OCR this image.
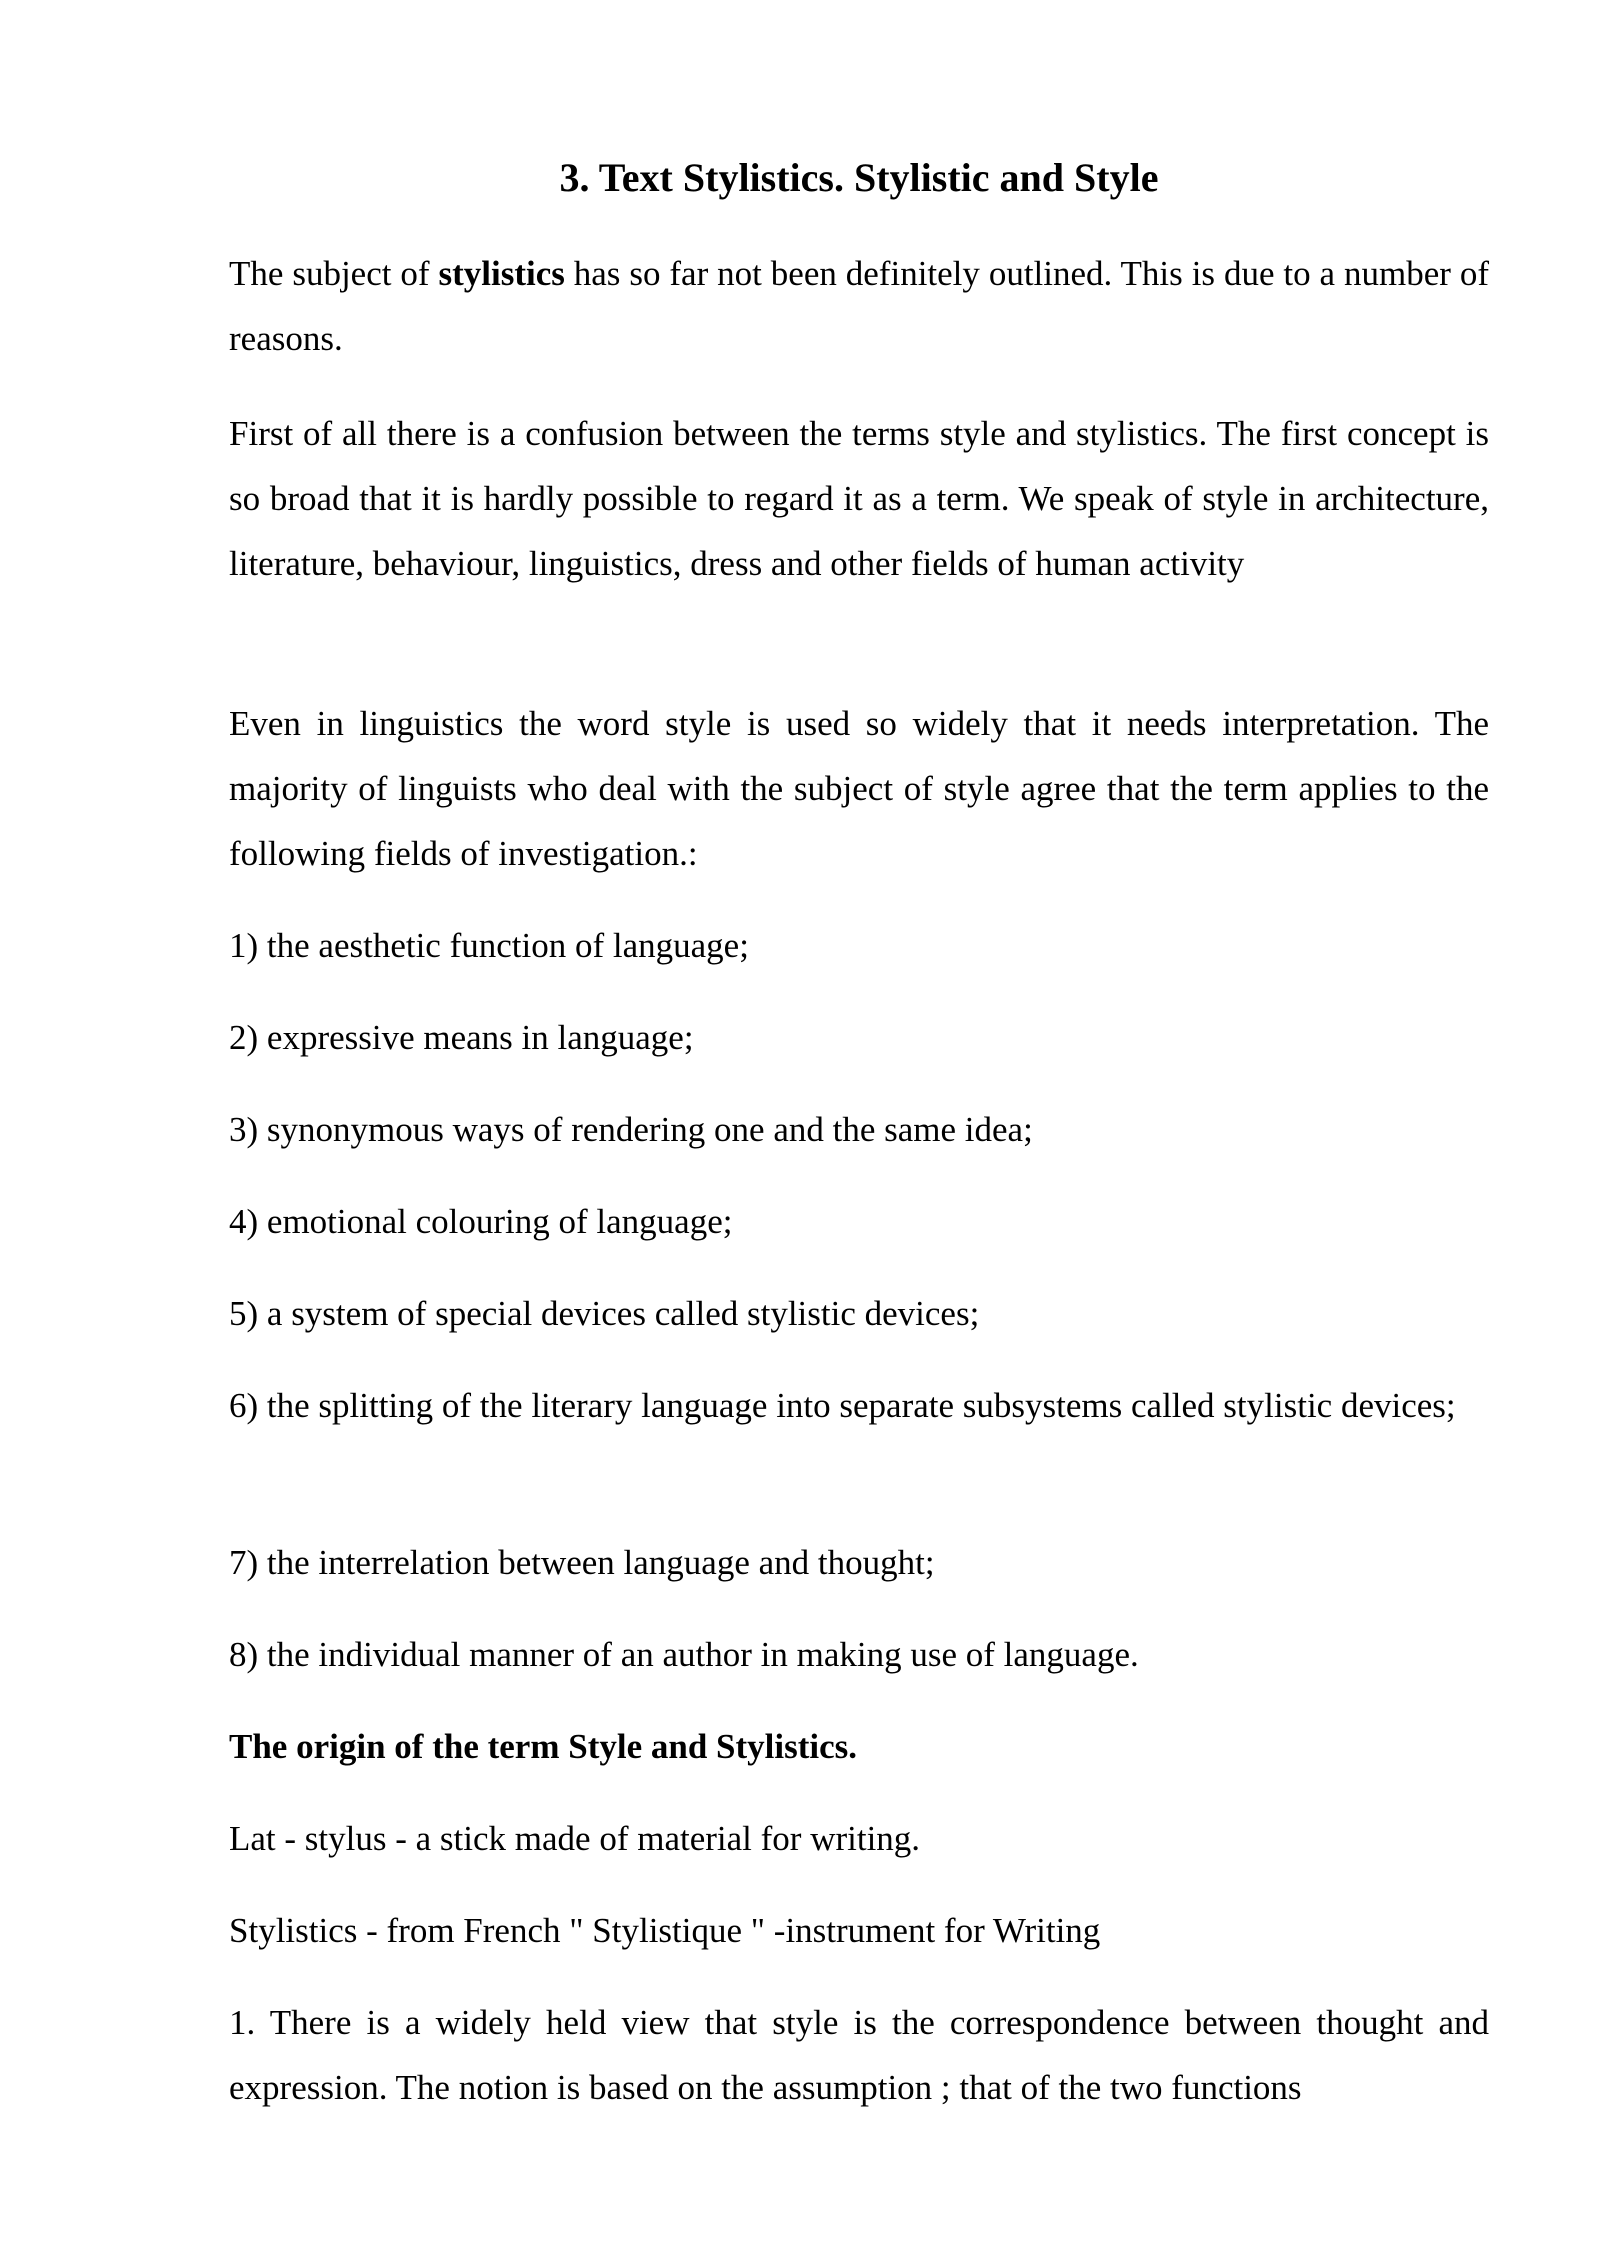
3. Text Stylistics. Stylistic and Style

The subject of stylistics has so far not been definitely outlined. This is due to a number of reasons.

First of all there is a confusion between the terms style and stylistics. The first concept is so broad that it is hardly possible to regard it as a term. We speak of style in architecture, literature, behaviour, linguistics, dress and other fields of human activity

Even in linguistics the word style is used so widely that it needs interpretation. The majority of linguists who deal with the subject of style agree that the term applies to the following fields of investigation.:

1) the aesthetic function of language;

2) expressive means in language;

3) synonymous ways of rendering one and the same idea;

4) emotional colouring of language;

5) a system of special devices called stylistic devices;

6) the splitting of the literary language into separate subsystems called stylistic devices;

7) the interrelation between language and thought;

8) the individual manner of an author in making use of language.

The origin of the term Style and Stylistics.

Lat - stylus - a stick made of material for writing.

Stylistics - from French " Stylistique " -instrument for Writing

1. There is a widely held view that style is the correspondence between thought and expression. The notion is based on the assumption ; that of the two functions
